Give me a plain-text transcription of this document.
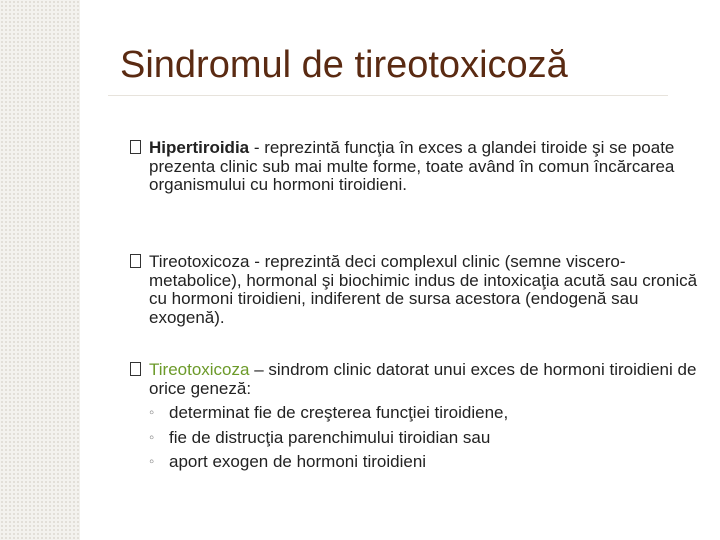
Sindromul de tireotoxicoză
Hipertiroidia - reprezintă funcţia în exces a glandei tiroide şi se poate prezenta clinic sub mai multe forme, toate având în comun încărcarea organismului cu hormoni tiroidieni.
Tireotoxicoza - reprezintă deci complexul clinic (semne viscero-metabolice), hormonal şi biochimic indus de intoxicaţia acută sau cronică cu hormoni tiroidieni, indiferent de sursa acestora (endogenă sau exogenă).
Tireotoxicoza – sindrom clinic datorat unui exces de hormoni tiroidieni de orice geneză:
◦ determinat fie de creşterea funcţiei tiroidiene,
◦ fie de distrucţia parenchimului tiroidian sau
◦ aport exogen de hormoni tiroidieni
